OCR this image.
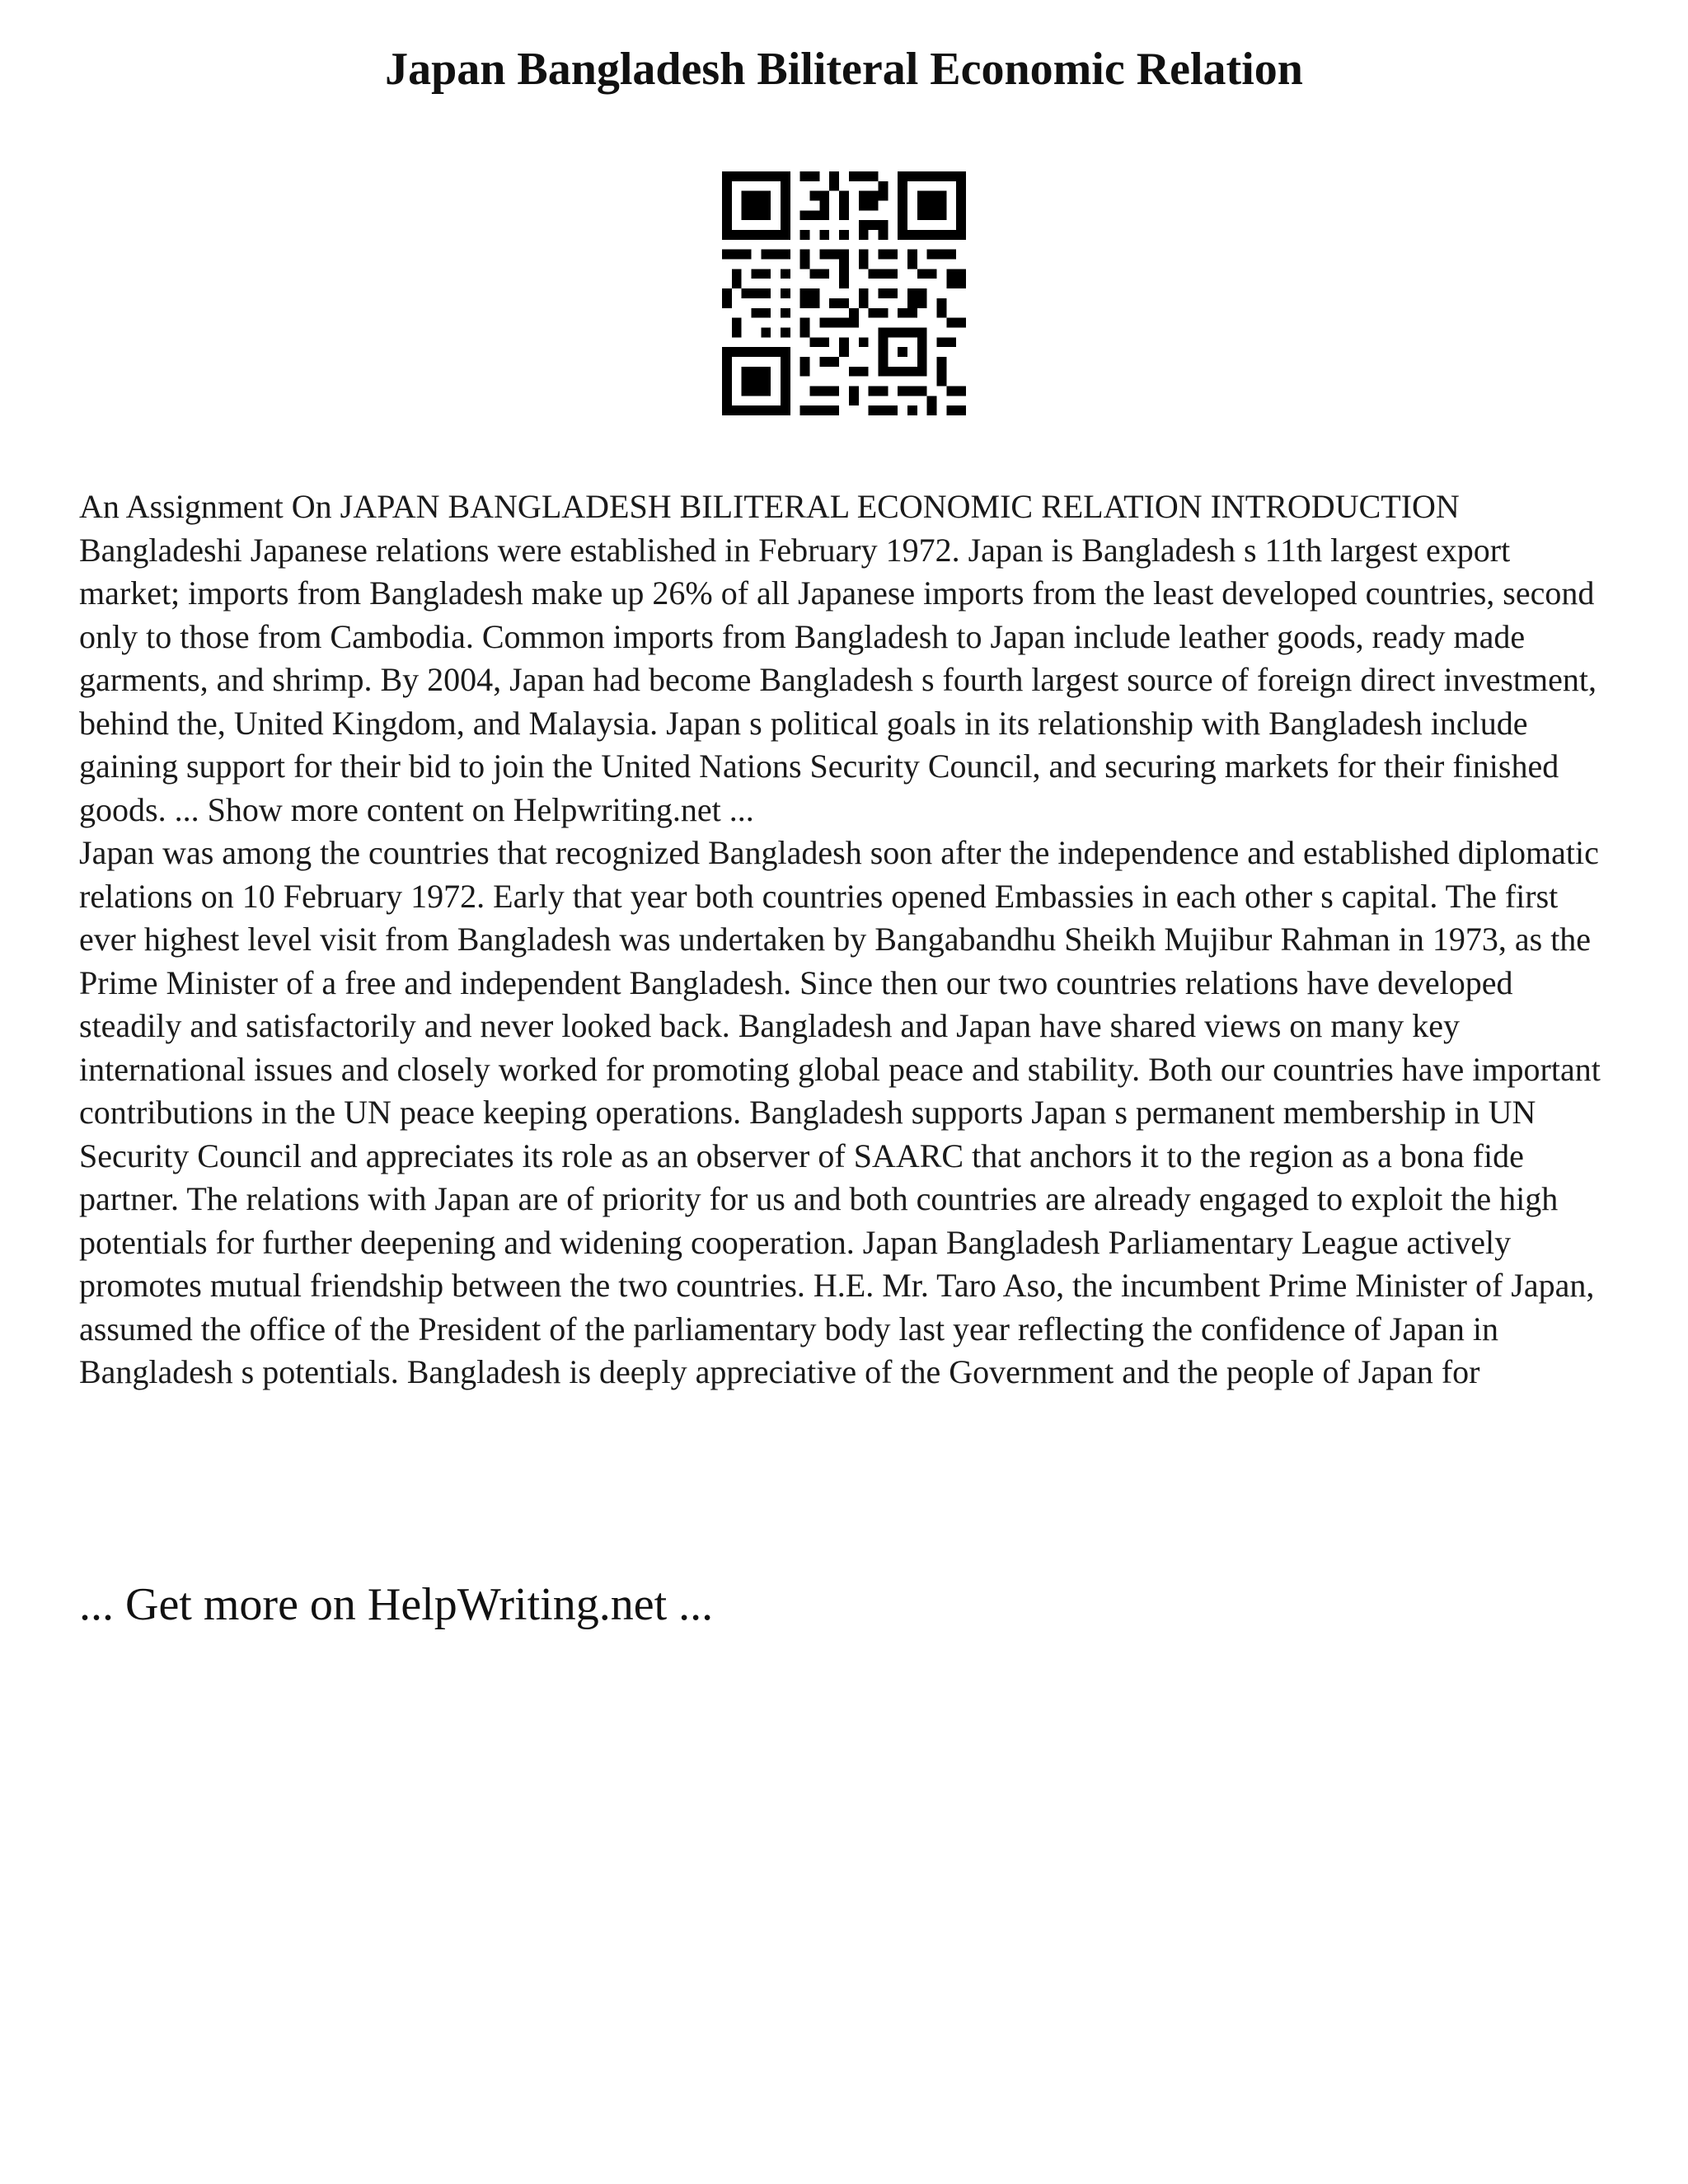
Japan Bangladesh Biliteral Economic Relation

An Assignment On JAPAN BANGLADESH BILITERAL ECONOMIC RELATION INTRODUCTION Bangladeshi Japanese relations were established in February 1972. Japan is Bangladesh s 11th largest export market; imports from Bangladesh make up 26% of all Japanese imports from the least developed countries, second only to those from Cambodia. Common imports from Bangladesh to Japan include leather goods, ready made garments, and shrimp. By 2004, Japan had become Bangladesh s fourth largest source of foreign direct investment, behind the, United Kingdom, and Malaysia. Japan s political goals in its relationship with Bangladesh include gaining support for their bid to join the United Nations Security Council, and securing markets for their finished goods. ... Show more content on Helpwriting.net ...

Japan was among the countries that recognized Bangladesh soon after the independence and established diplomatic relations on 10 February 1972. Early that year both countries opened Embassies in each other s capital. The first ever highest level visit from Bangladesh was undertaken by Bangabandhu Sheikh Mujibur Rahman in 1973, as the Prime Minister of a free and independent Bangladesh. Since then our two countries relations have developed steadily and satisfactorily and never looked back. Bangladesh and Japan have shared views on many key international issues and closely worked for promoting global peace and stability. Both our countries have important contributions in the UN peace keeping operations. Bangladesh supports Japan s permanent membership in UN Security Council and appreciates its role as an observer of SAARC that anchors it to the region as a bona fide partner. The relations with Japan are of priority for us and both countries are already engaged to exploit the high potentials for further deepening and widening cooperation. Japan Bangladesh Parliamentary League actively promotes mutual friendship between the two countries. H.E. Mr. Taro Aso, the incumbent Prime Minister of Japan, assumed the office of the President of the parliamentary body last year reflecting the confidence of Japan in Bangladesh s potentials. Bangladesh is deeply appreciative of the Government and the people of Japan for

... Get more on HelpWriting.net ...
